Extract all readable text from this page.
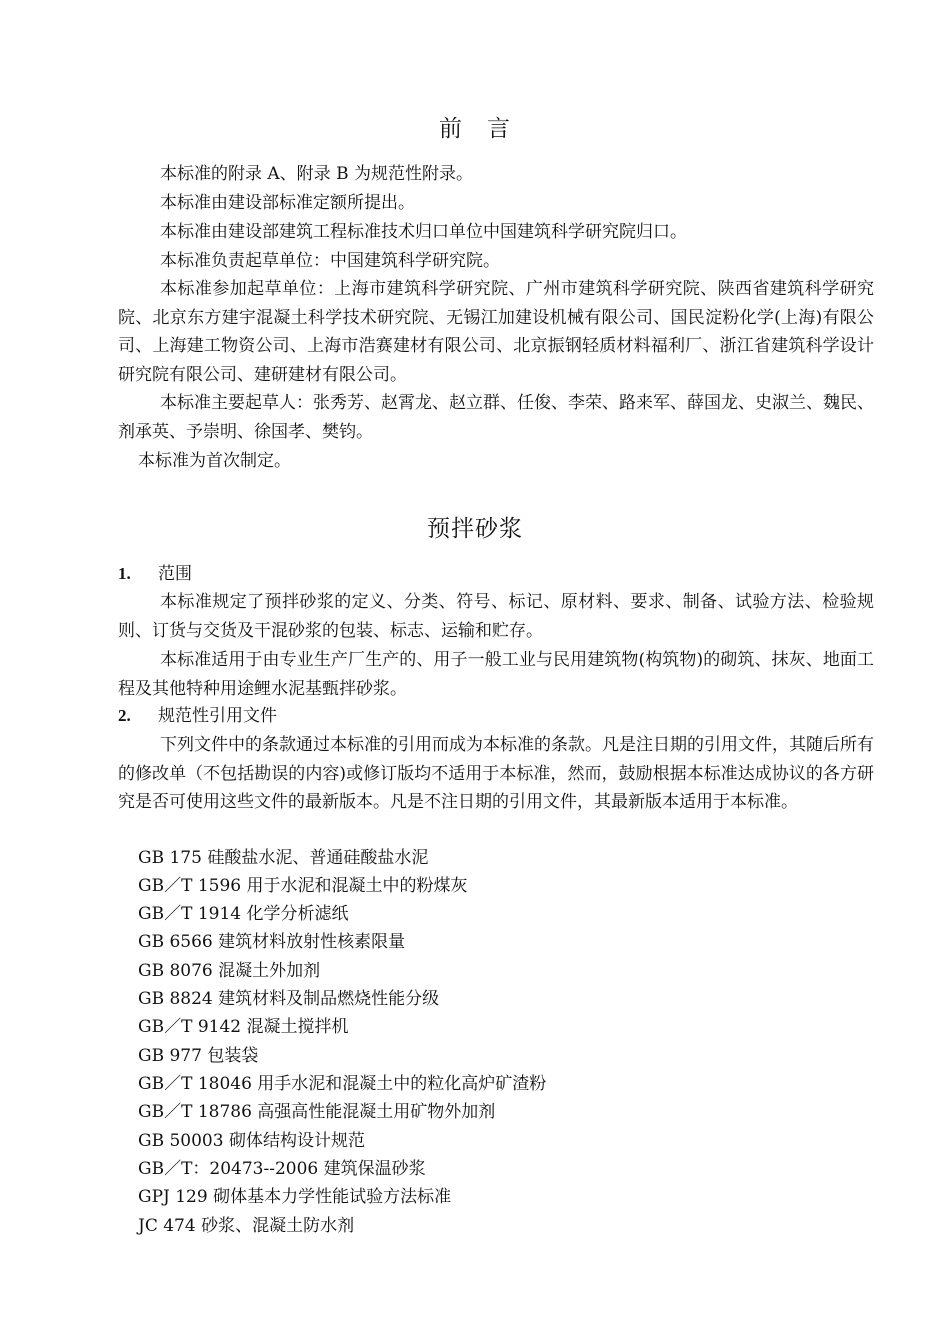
前　言
本标准的附录 A、附录 B 为规范性附录。
本标准由建设部标准定额所提出。
本标准由建设部建筑工程标准技术归口单位中国建筑科学研究院归口。
本标准负责起草单位：中国建筑科学研究院。
本标准参加起草单位：上海市建筑科学研究院、广州市建筑科学研究院、陕西省建筑科学研究院、北京东方建宇混凝土科学技术研究院、无锡江加建设机械有限公司、国民淀粉化学(上海)有限公司、上海建工物资公司、上海市浩赛建材有限公司、北京振钢轻质材料福利厂、浙江省建筑科学设计研究院有限公司、建研建材有限公司。
本标准主要起草人：张秀芳、赵霄龙、赵立群、任俊、李荣、路来军、薛国龙、史淑兰、魏民、剂承英、予崇明、徐国孝、樊钧。
本标准为首次制定。
预拌砂浆
1. 范围
本标准规定了预拌砂浆的定义、分类、符号、标记、原材料、要求、制备、试验方法、检验规则、订货与交货及干混砂浆的包装、标志、运输和贮存。
本标准适用于由专业生产厂生产的、用子一般工业与民用建筑物(构筑物)的砌筑、抹灰、地面工程及其他特种用途鲤水泥基甄拌砂浆。
2. 规范性引用文件
下列文件中的条款通过本标准的引用而成为本标准的条款。凡是注日期的引用文件，其随后所有的修改单（不包括勘误的内容)或修订版均不适用于本标准，然而，鼓励根据本标准达成协议的各方研究是否可使用这些文件的最新版本。凡是不注日期的引用文件，其最新版本适用于本标准。
GB 175 硅酸盐水泥、普通硅酸盐水泥
GB／T 1596 用于水泥和混凝土中的粉煤灰
GB／T 1914 化学分析滤纸
GB 6566 建筑材料放射性核素限量
GB 8076 混凝土外加剂
GB 8824 建筑材料及制品燃烧性能分级
GB／T 9142 混凝土搅拌机
GB 977 包装袋
GB／T 18046 用手水泥和混凝土中的粒化高炉矿渣粉
GB／T 18786 高强高性能混凝土用矿物外加剂
GB 50003 砌体结构设计规范
GB／T：20473--2006 建筑保温砂浆
GPJ 129 砌体基本力学性能试验方法标准
JC 474 砂浆、混凝土防水剂
